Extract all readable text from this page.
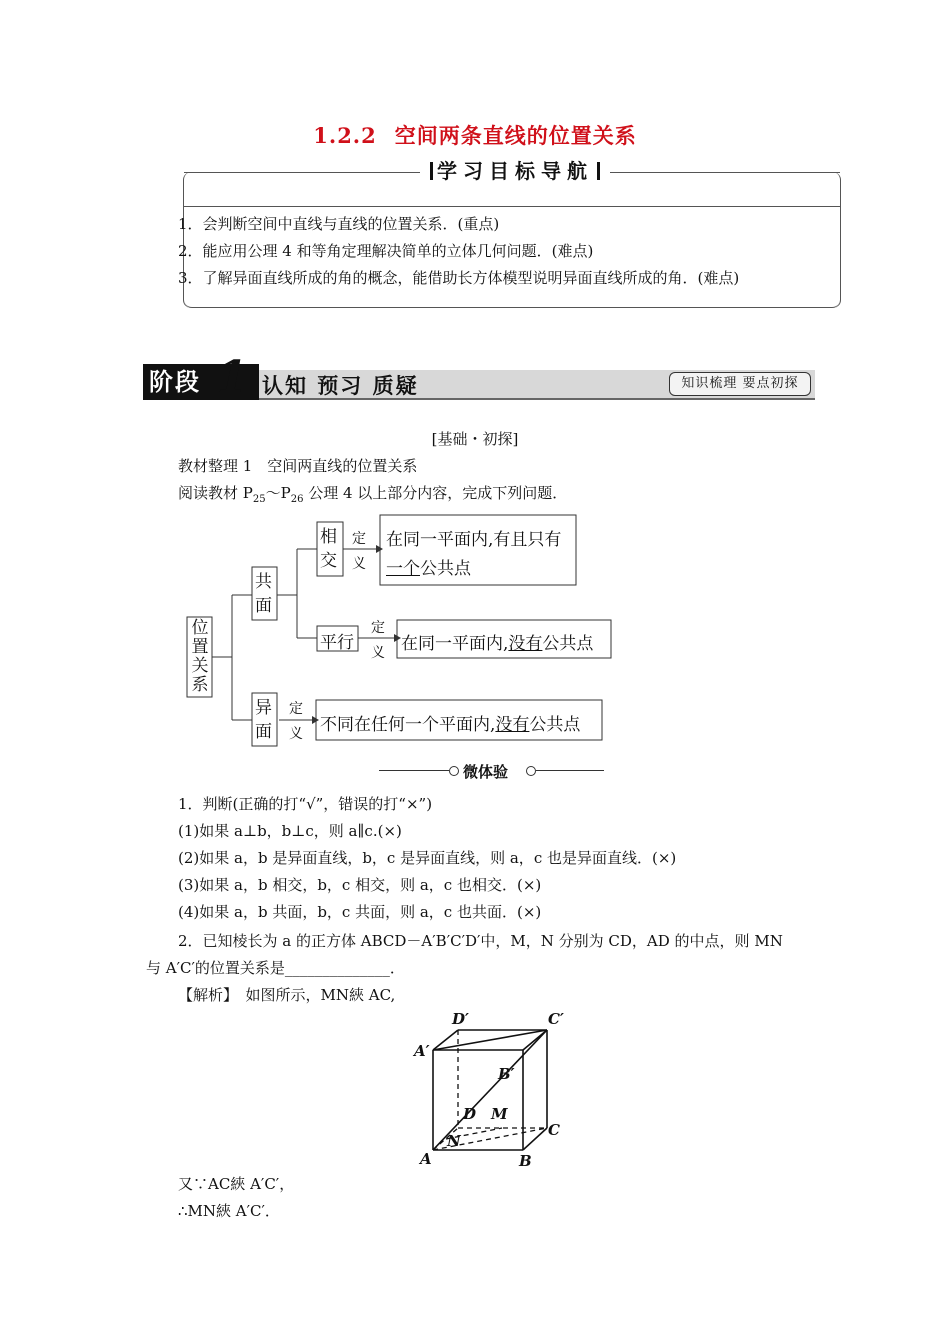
1.2.2 空间两条直线的位置关系
学习目标导航
1．会判断空间中直线与直线的位置关系．(重点)
2．能应用公理 4 和等角定理解决简单的立体几何问题．(难点)
3．了解异面直线所成的角的概念，能借助长方体模型说明异面直线所成的角．(难点)
阶段 1 认知 预习 质疑	知识梳理 要点初探
[基础・初探]
教材整理 1　空间两直线的位置关系
阅读教材 $P_{25}\sim P_{26}$ 公理 4 以上部分内容，完成下列问题．
位置关系
共面
异面
相交
平行
定
义
定
义
定
义
在同一平面内,有且只有
一个公共点
在同一平面内,没有公共点
不同在任何一个平面内,没有公共点
微体验
1．判断(正确的打“√”，错误的打“×”)
(1)如果 a⊥b，b⊥c，则 a∥c.(×)
(2)如果 a，b 是异面直线，b，c 是异面直线，则 a，c 也是异面直线．(×)
(3)如果 a，b 相交，b，c 相交，则 a，c 也相交．(×)
(4)如果 a，b 共面，b，c 共面，则 a，c 也共面．(×)
2．已知棱长为 a 的正方体 ABCD－A′B′C′D′中，M，N 分别为 CD，AD 的中点，则 MN
与 A′C′的位置关系是______________．
【解析】　如图所示，MN綊 AC,
D′	C′
A′
B′
D M
C
N
A	B
又∵AC綊 A′C′，
∴MN綊 A′C′．
